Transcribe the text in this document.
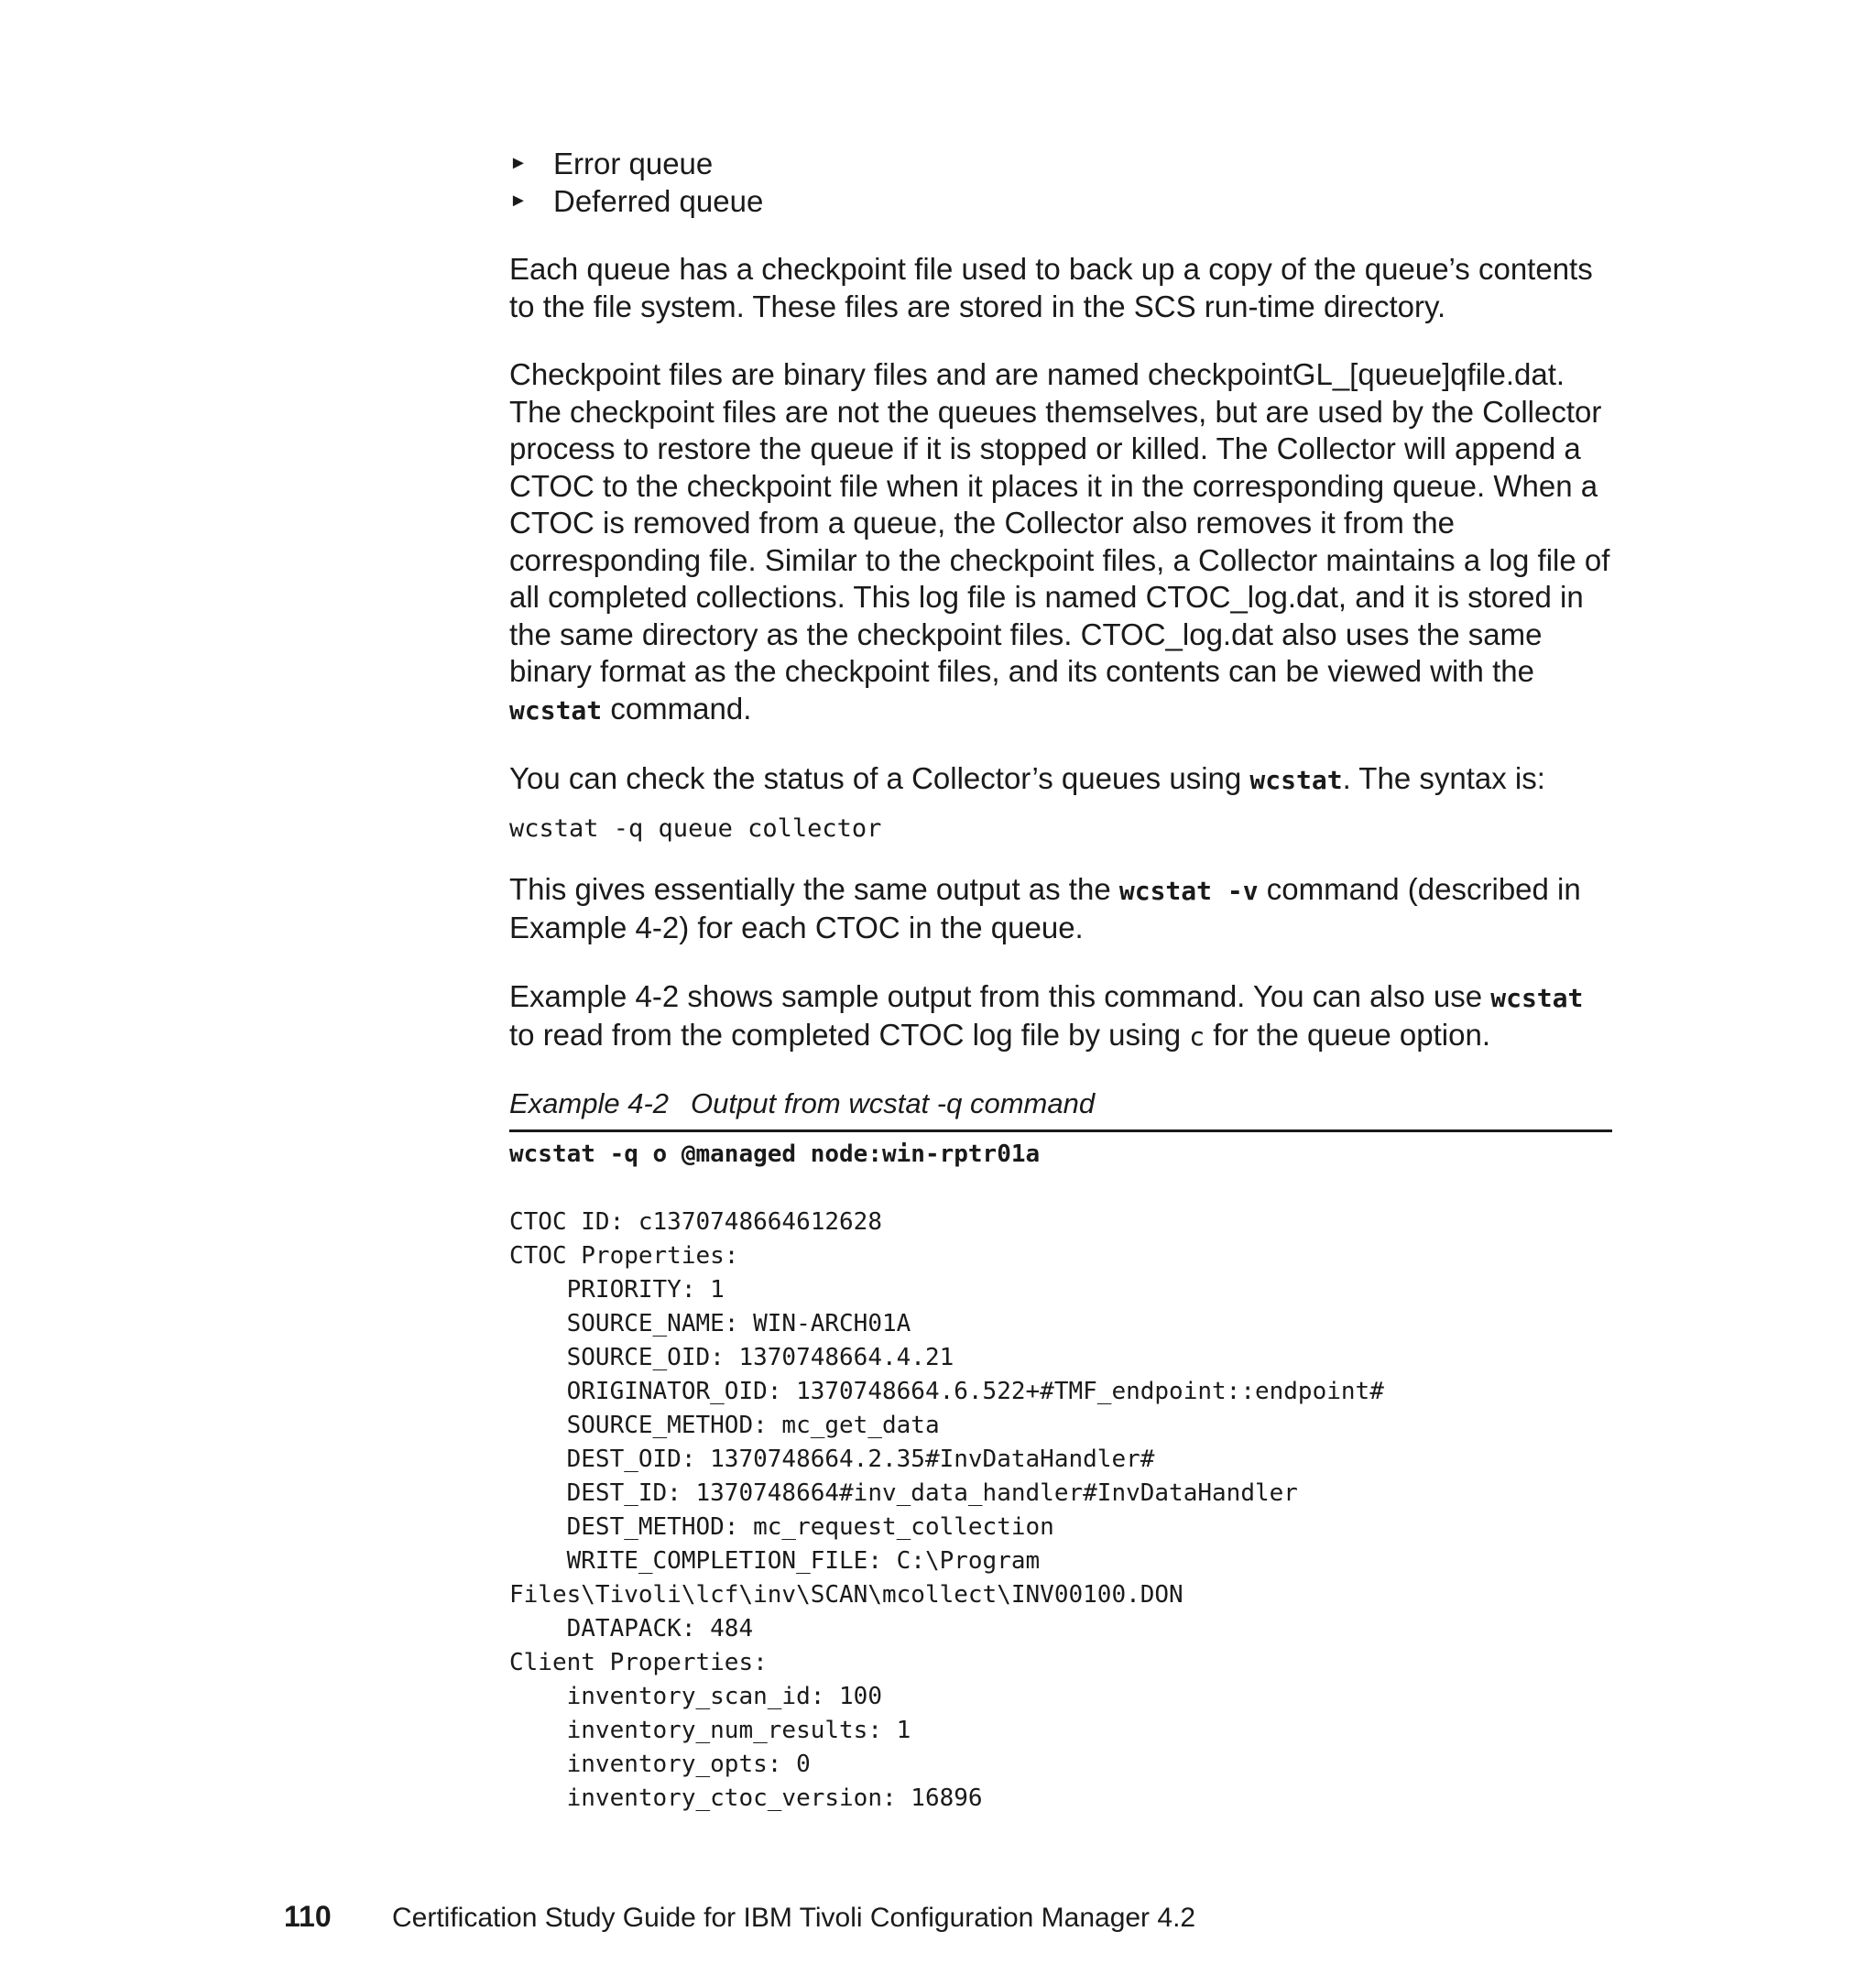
► Error queue
► Deferred queue

Each queue has a checkpoint file used to back up a copy of the queue’s contents to the file system. These files are stored in the SCS run-time directory.

Checkpoint files are binary files and are named checkpointGL_[queue]qfile.dat. The checkpoint files are not the queues themselves, but are used by the Collector process to restore the queue if it is stopped or killed. The Collector will append a CTOC to the checkpoint file when it places it in the corresponding queue. When a CTOC is removed from a queue, the Collector also removes it from the corresponding file. Similar to the checkpoint files, a Collector maintains a log file of all completed collections. This log file is named CTOC_log.dat, and it is stored in the same directory as the checkpoint files. CTOC_log.dat also uses the same binary format as the checkpoint files, and its contents can be viewed with the wcstat command.

You can check the status of a Collector’s queues using wcstat. The syntax is:

wcstat -q queue collector

This gives essentially the same output as the wcstat -v command (described in Example 4-2) for each CTOC in the queue.

Example 4-2 shows sample output from this command. You can also use wcstat to read from the completed CTOC log file by using c for the queue option.

Example 4-2 Output from wcstat -q command

wcstat -q o @managed node:win-rptr01a
CTOC ID: c1370748664612628
CTOC Properties:
PRIORITY: 1
SOURCE_NAME: WIN-ARCH01A
SOURCE_OID: 1370748664.4.21
ORIGINATOR_OID: 1370748664.6.522+#TMF_endpoint::endpoint#
SOURCE_METHOD: mc_get_data
DEST_OID: 1370748664.2.35#InvDataHandler#
DEST_ID: 1370748664#inv_data_handler#InvDataHandler
DEST_METHOD: mc_request_collection
WRITE_COMPLETION_FILE: C:\Program
Files\Tivoli\lcf\inv\SCAN\mcollect\INV00100.DON
DATAPACK: 484
Client Properties:
inventory_scan_id: 100
inventory_num_results: 1
inventory_opts: 0
inventory_ctoc_version: 16896
110	Certification Study Guide for IBM Tivoli Configuration Manager 4.2
